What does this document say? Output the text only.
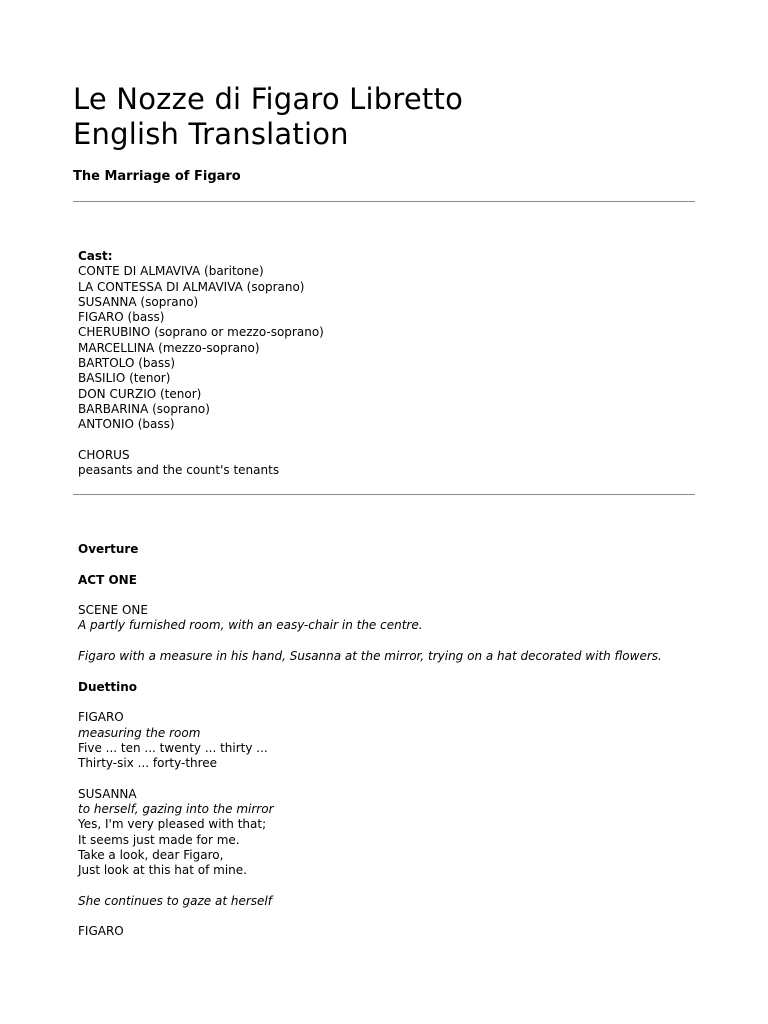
Le Nozze di Figaro Libretto
English Translation
The Marriage of Figaro
Cast:
CONTE DI ALMAVIVA (baritone)
LA CONTESSA DI ALMAVIVA (soprano)
SUSANNA (soprano)
FIGARO (bass)
CHERUBINO (soprano or mezzo-soprano)
MARCELLINA (mezzo-soprano)
BARTOLO (bass)
BASILIO (tenor)
DON CURZIO (tenor)
BARBARINA (soprano)
ANTONIO (bass)
CHORUS
peasants and the count's tenants
Overture
ACT ONE
SCENE ONE
A partly furnished room, with an easy-chair in the centre.
Figaro with a measure in his hand, Susanna at the mirror, trying on a hat decorated with flowers.
Duettino
FIGARO
measuring the room
Five ... ten ... twenty ... thirty ...
Thirty-six ... forty-three
SUSANNA
to herself, gazing into the mirror
Yes, I'm very pleased with that;
It seems just made for me.
Take a look, dear Figaro,
Just look at this hat of mine.
She continues to gaze at herself
FIGARO
